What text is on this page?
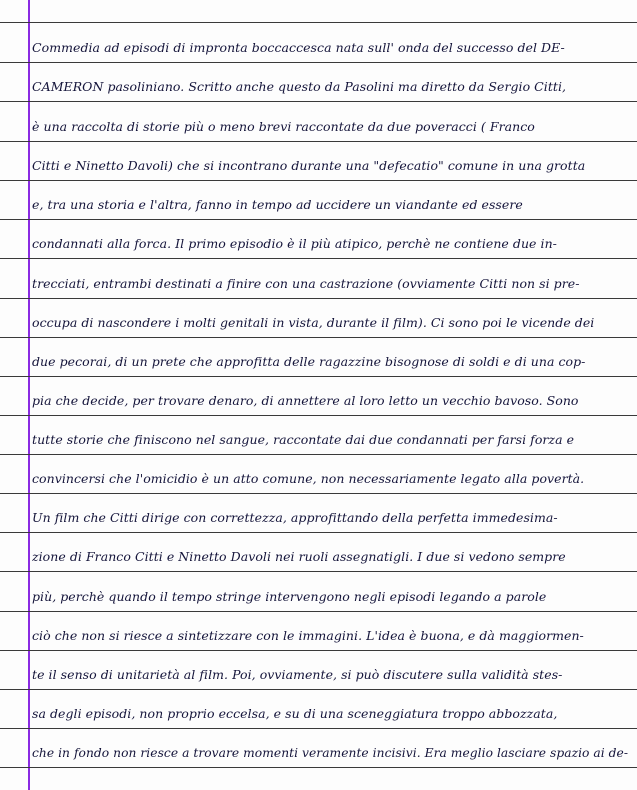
Commedia ad episodi di impronta boccaccesca nata sull' onda del successo del DE-
CAMERON pasoliniano. Scritto anche questo da Pasolini ma diretto da Sergio Citti,
è una raccolta di storie più o meno brevi raccontate da due poveracci ( Franco
Citti e Ninetto Davoli) che si incontrano durante una "defecatio" comune in una grotta
e, tra una storia e l'altra, fanno in tempo ad uccidere un viandante ed essere
condannati alla forca. Il primo episodio è il più atipico, perchè ne contiene due in-
trecciati, entrambi destinati a finire con una castrazione (ovviamente Citti non si pre-
occupa di nascondere i molti genitali in vista, durante il film). Ci sono poi le vicende dei
due pecorai, di un prete che approfitta delle ragazzine bisognose di soldi e di una cop-
pia che decide, per trovare denaro, di annettere al loro letto un vecchio bavoso. Sono
tutte storie che finiscono nel sangue, raccontate dai due condannati per farsi forza e
convincersi che l'omicidio è un atto comune, non necessariamente legato alla povertà.
Un film che Citti dirige con correttezza, approfittando della perfetta immedesima-
zione di Franco Citti e Ninetto Davoli nei ruoli assegnatigli. I due si vedono sempre
più, perchè quando il tempo stringe intervengono negli episodi legando a parole
ciò che non si riesce a sintetizzare con le immagini. L'idea è buona, e dà maggiormen-
te il senso di unitarietà al film. Poi, ovviamente, si può discutere sulla validità stes-
sa degli episodi, non proprio eccelsa, e su di una sceneggiatura troppo abbozzata,
che in fondo non riesce a trovare momenti veramente incisivi. Era meglio lasciare spazio ai de-
